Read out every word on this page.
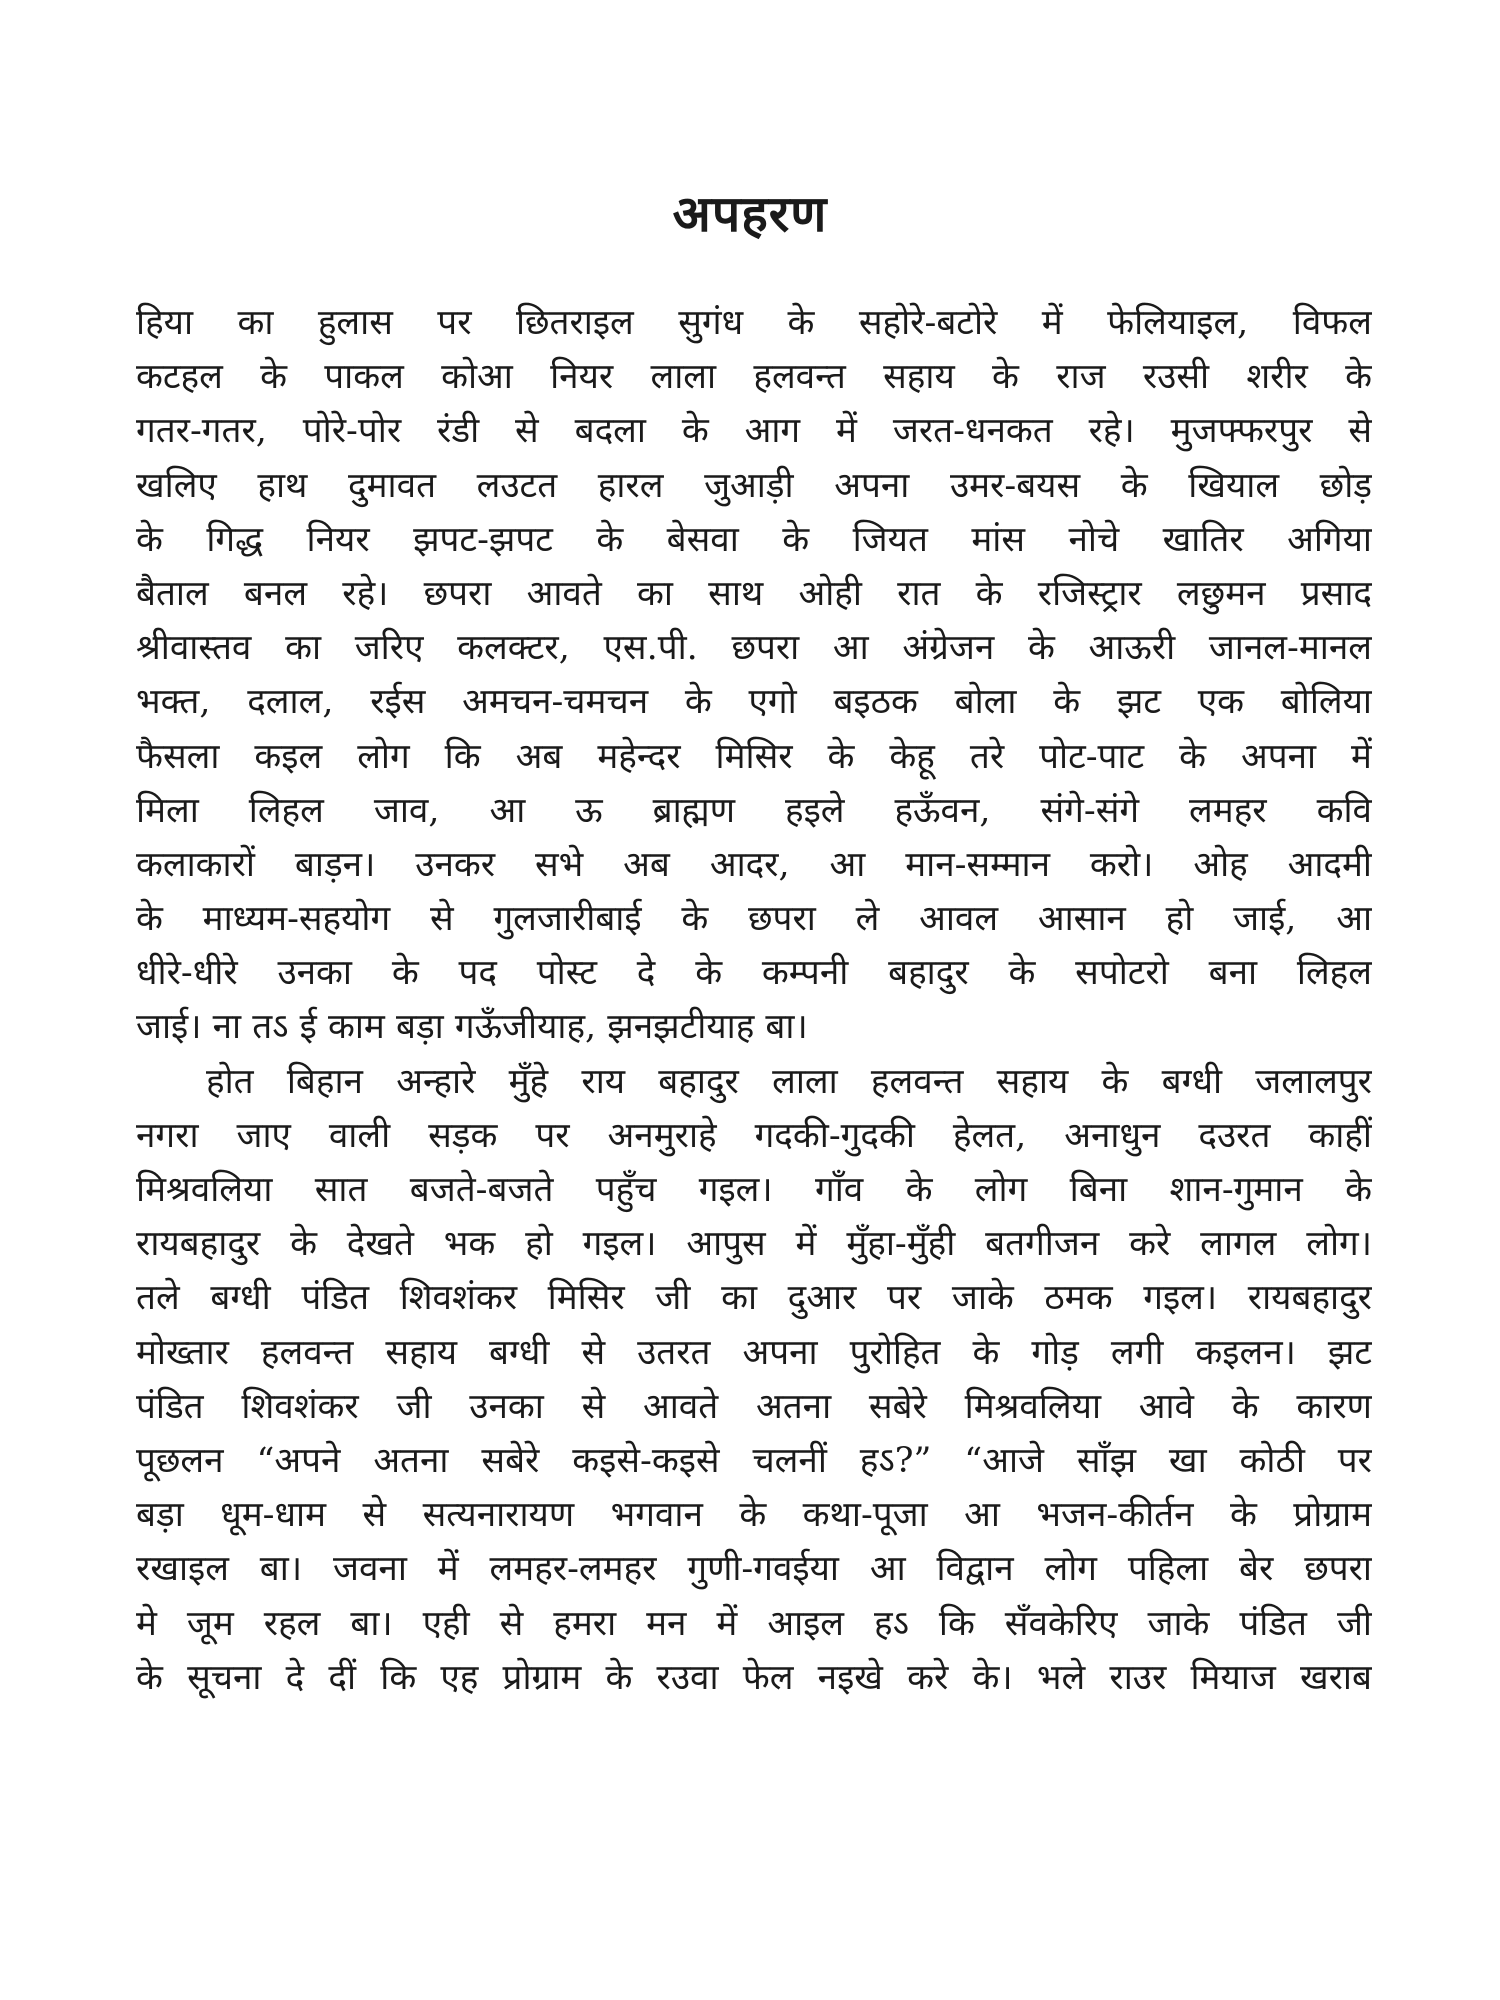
अपहरण
हिया का हुलास पर छितराइल सुगंध के सहोरे-बटोरे में फेलियाइल, विफल
कटहल के पाकल कोआ नियर लाला हलवन्त सहाय के राज रउसी शरीर के
गतर-गतर, पोरे-पोर रंडी से बदला के आग में जरत-धनकत रहे। मुजफ्फरपुर से
खलिए हाथ दुमावत लउटत हारल जुआड़ी अपना उमर-बयस के खियाल छोड़
के गिद्ध नियर झपट-झपट के बेसवा के जियत मांस नोचे खातिर अगिया
बैताल बनल रहे। छपरा आवते का साथ ओही रात के रजिस्ट्रार लछुमन प्रसाद
श्रीवास्तव का जरिए कलक्टर, एस.पी. छपरा आ अंग्रेजन के आऊरी जानल-मानल
भक्त, दलाल, रईस अमचन-चमचन के एगो बइठक बोला के झट एक बोलिया
फैसला कइल लोग कि अब महेन्दर मिसिर के केहू तरे पोट-पाट के अपना में
मिला लिहल जाव, आ ऊ ब्राह्मण हइले हऊँवन, संगे-संगे लमहर कवि
कलाकारों बाड़न। उनकर सभे अब आदर, आ मान-सम्मान करो। ओह आदमी
के माध्यम-सहयोग से गुलजारीबाई के छपरा ले आवल आसान हो जाई, आ
धीरे-धीरे उनका के पद पोस्ट दे के कम्पनी बहादुर के सपोटरो बना लिहल
जाई। ना तऽ ई काम बड़ा गऊँजीयाह, झनझटीयाह बा।
होत बिहान अन्हारे मुँहे राय बहादुर लाला हलवन्त सहाय के बग्धी जलालपुर
नगरा जाए वाली सड़क पर अनमुराहे गदकी-गुदकी हेलत, अनाधुन दउरत काहीं
मिश्रवलिया सात बजते-बजते पहुँच गइल। गाँव के लोग बिना शान-गुमान के
रायबहादुर के देखते भक हो गइल। आपुस में मुँहा-मुँही बतगीजन करे लागल लोग।
तले बग्धी पंडित शिवशंकर मिसिर जी का दुआर पर जाके ठमक गइल। रायबहादुर
मोख्तार हलवन्त सहाय बग्धी से उतरत अपना पुरोहित के गोड़ लगी कइलन। झट
पंडित शिवशंकर जी उनका से आवते अतना सबेरे मिश्रवलिया आवे के कारण
पूछलन “अपने अतना सबेरे कइसे-कइसे चलनीं हऽ?” “आजे साँझ खा कोठी पर
बड़ा धूम-धाम से सत्यनारायण भगवान के कथा-पूजा आ भजन-कीर्तन के प्रोग्राम
रखाइल बा। जवना में लमहर-लमहर गुणी-गवईया आ विद्वान लोग पहिला बेर छपरा
मे जूम रहल बा। एही से हमरा मन में आइल हऽ कि सँवकेरिए जाके पंडित जी
के सूचना दे दीं कि एह प्रोग्राम के रउवा फेल नइखे करे के। भले राउर मियाज खराब
